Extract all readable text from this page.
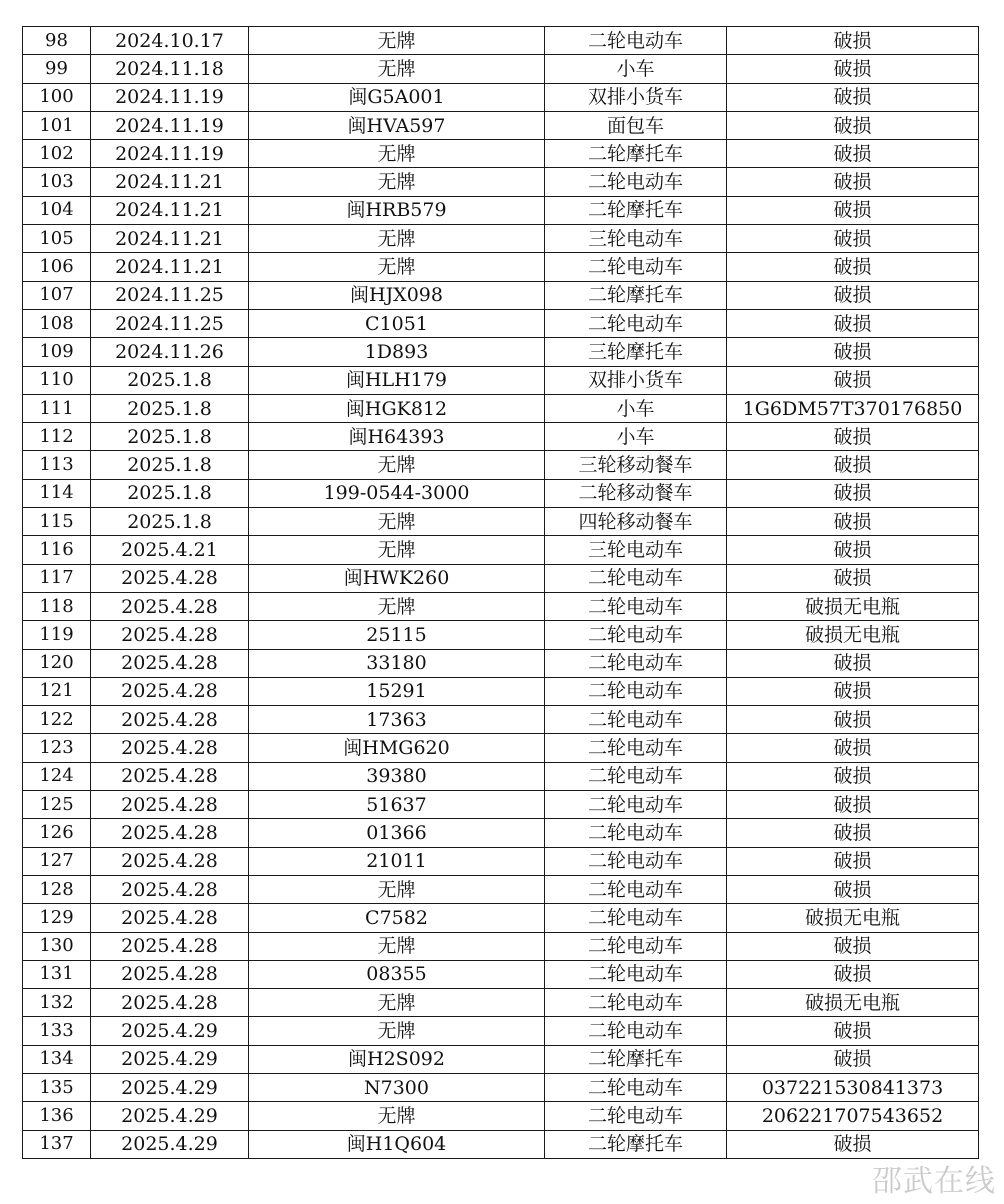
98	2024.10.17	无牌	二轮电动车	破损
99	2024.11.18	无牌	小车	破损
100	2024.11.19	闽G5A001	双排小货车	破损
101	2024.11.19	闽HVA597	面包车	破损
102	2024.11.19	无牌	二轮摩托车	破损
103	2024.11.21	无牌	二轮电动车	破损
104	2024.11.21	闽HRB579	二轮摩托车	破损
105	2024.11.21	无牌	三轮电动车	破损
106	2024.11.21	无牌	二轮电动车	破损
107	2024.11.25	闽HJX098	二轮摩托车	破损
108	2024.11.25	C1051	二轮电动车	破损
109	2024.11.26	1D893	三轮摩托车	破损
110	2025.1.8	闽HLH179	双排小货车	破损
111	2025.1.8	闽HGK812	小车	1G6DM57T370176850
112	2025.1.8	闽H64393	小车	破损
113	2025.1.8	无牌	三轮移动餐车	破损
114	2025.1.8	199-0544-3000	二轮移动餐车	破损
115	2025.1.8	无牌	四轮移动餐车	破损
116	2025.4.21	无牌	三轮电动车	破损
117	2025.4.28	闽HWK260	二轮电动车	破损
118	2025.4.28	无牌	二轮电动车	破损无电瓶
119	2025.4.28	25115	二轮电动车	破损无电瓶
120	2025.4.28	33180	二轮电动车	破损
121	2025.4.28	15291	二轮电动车	破损
122	2025.4.28	17363	二轮电动车	破损
123	2025.4.28	闽HMG620	二轮电动车	破损
124	2025.4.28	39380	二轮电动车	破损
125	2025.4.28	51637	二轮电动车	破损
126	2025.4.28	01366	二轮电动车	破损
127	2025.4.28	21011	二轮电动车	破损
128	2025.4.28	无牌	二轮电动车	破损
129	2025.4.28	C7582	二轮电动车	破损无电瓶
130	2025.4.28	无牌	二轮电动车	破损
131	2025.4.28	08355	二轮电动车	破损
132	2025.4.28	无牌	二轮电动车	破损无电瓶
133	2025.4.29	无牌	二轮电动车	破损
134	2025.4.29	闽H2S092	二轮摩托车	破损
135	2025.4.29	N7300	二轮电动车	037221530841373
136	2025.4.29	无牌	二轮电动车	206221707543652
137	2025.4.29	闽H1Q604	二轮摩托车	破损
邵武在线
